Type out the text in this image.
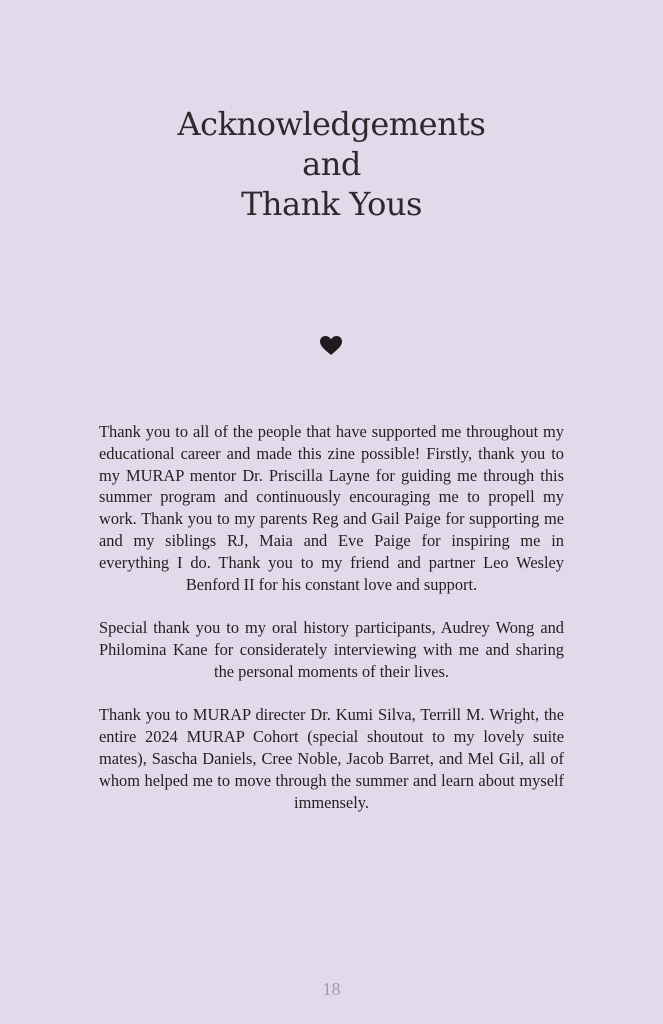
Acknowledgements
and
Thank Yous

Thank you to all of the people that have supported me throughout my educational career and made this zine possible! Firstly, thank you to my MURAP mentor Dr. Priscilla Layne for guiding me through this summer program and continuously encouraging me to propell my work. Thank you to my parents Reg and Gail Paige for supporting me and my siblings RJ, Maia and Eve Paige for inspiring me in everything I do. Thank you to my friend and partner Leo Wesley Benford II for his constant love and support.

Special thank you to my oral history participants, Audrey Wong and Philomina Kane for considerately interviewing with me and sharing the personal moments of their lives.

Thank you to MURAP directer Dr. Kumi Silva, Terrill M. Wright, the entire 2024 MURAP Cohort (special shoutout to my lovely suite mates), Sascha Daniels, Cree Noble, Jacob Barret, and Mel Gil, all of whom helped me to move through the summer and learn about myself immensely.

18
